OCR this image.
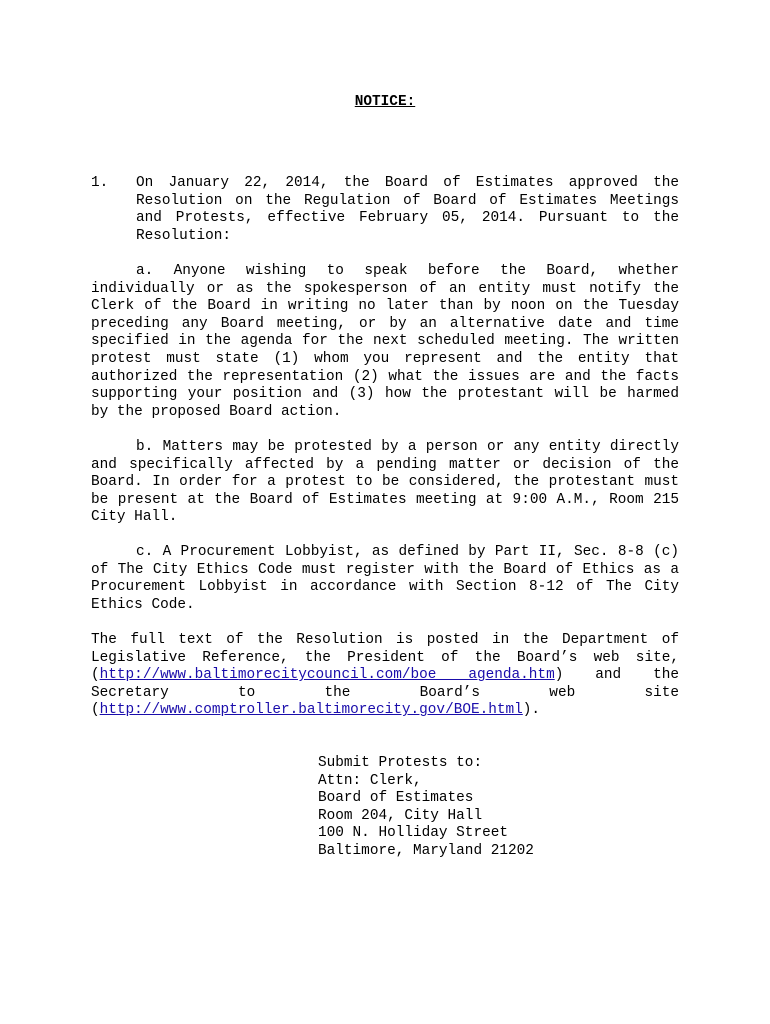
NOTICE:
1. On January 22, 2014, the Board of Estimates approved the Resolution on the Regulation of Board of Estimates Meetings and Protests, effective February 05, 2014. Pursuant to the Resolution:
a. Anyone wishing to speak before the Board, whether individually or as the spokesperson of an entity must notify the Clerk of the Board in writing no later than by noon on the Tuesday preceding any Board meeting, or by an alternative date and time specified in the agenda for the next scheduled meeting. The written protest must state (1) whom you represent and the entity that authorized the representation (2) what the issues are and the facts supporting your position and (3) how the protestant will be harmed by the proposed Board action.
b. Matters may be protested by a person or any entity directly and specifically affected by a pending matter or decision of the Board. In order for a protest to be considered, the protestant must be present at the Board of Estimates meeting at 9:00 A.M., Room 215 City Hall.
c. A Procurement Lobbyist, as defined by Part II, Sec. 8-8 (c) of The City Ethics Code must register with the Board of Ethics as a Procurement Lobbyist in accordance with Section 8-12 of The City Ethics Code.
The full text of the Resolution is posted in the Department of Legislative Reference, the President of the Board’s web site, (http://www.baltimorecitycouncil.com/boe agenda.htm) and the Secretary to the Board’s web site (http://www.comptroller.baltimorecity.gov/BOE.html).
Submit Protests to:
Attn: Clerk,
Board of Estimates
Room 204, City Hall
100 N. Holliday Street
Baltimore, Maryland 21202
